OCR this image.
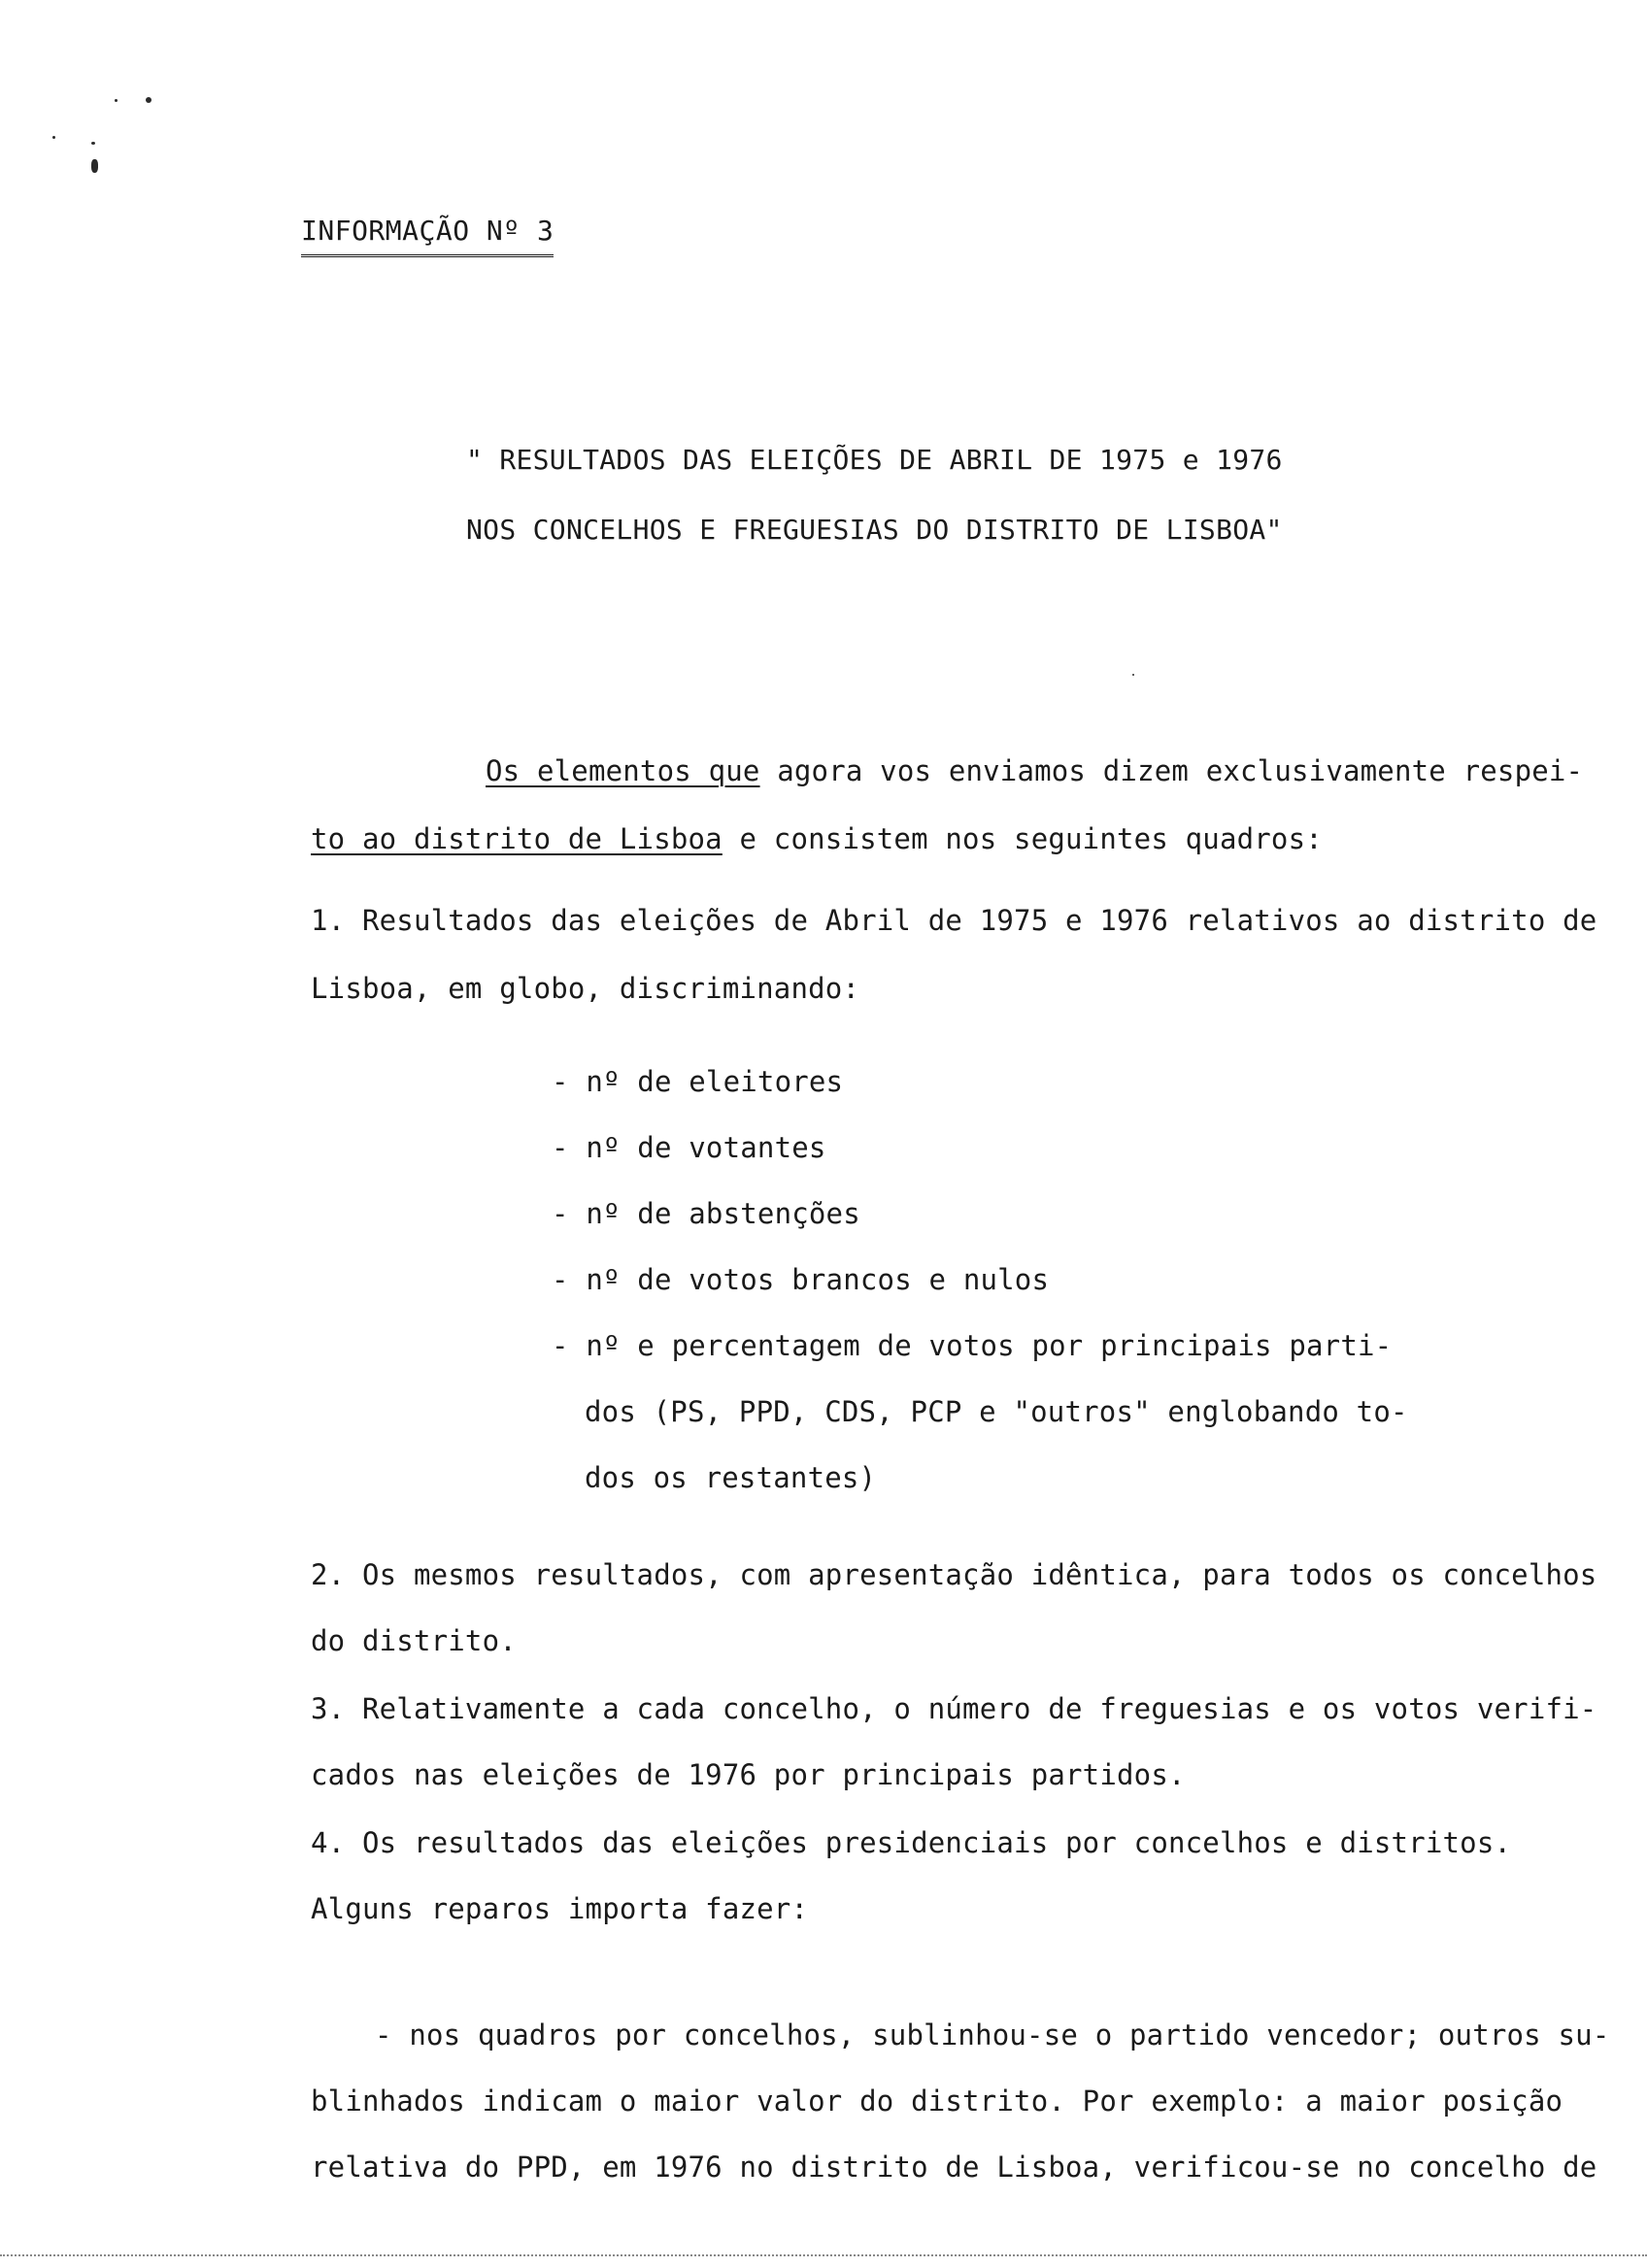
INFORMAÇÃO Nº 3
" RESULTADOS DAS ELEIÇÕES DE ABRIL DE 1975 e 1976
NOS CONCELHOS E FREGUESIAS DO DISTRITO DE LISBOA"
Os elementos que agora vos enviamos dizem exclusivamente respei-
to ao distrito de Lisboa e consistem nos seguintes quadros:
1. Resultados das eleições de Abril de 1975 e 1976 relativos ao distrito de
Lisboa, em globo, discriminando:
- nº de eleitores
- nº de votantes
- nº de abstenções
- nº de votos brancos e nulos
- nº e percentagem de votos por principais parti-
dos (PS, PPD, CDS, PCP e "outros" englobando to-
dos os restantes)
2. Os mesmos resultados, com apresentação idêntica, para todos os concelhos
do distrito.
3. Relativamente a cada concelho, o número de freguesias e os votos verifi-
cados nas eleições de 1976 por principais partidos.
4. Os resultados das eleições presidenciais por concelhos e distritos.
Alguns reparos importa fazer:
- nos quadros por concelhos, sublinhou-se o partido vencedor; outros su-
blinhados indicam o maior valor do distrito. Por exemplo: a maior posição
relativa do PPD, em 1976 no distrito de Lisboa, verificou-se no concelho de
